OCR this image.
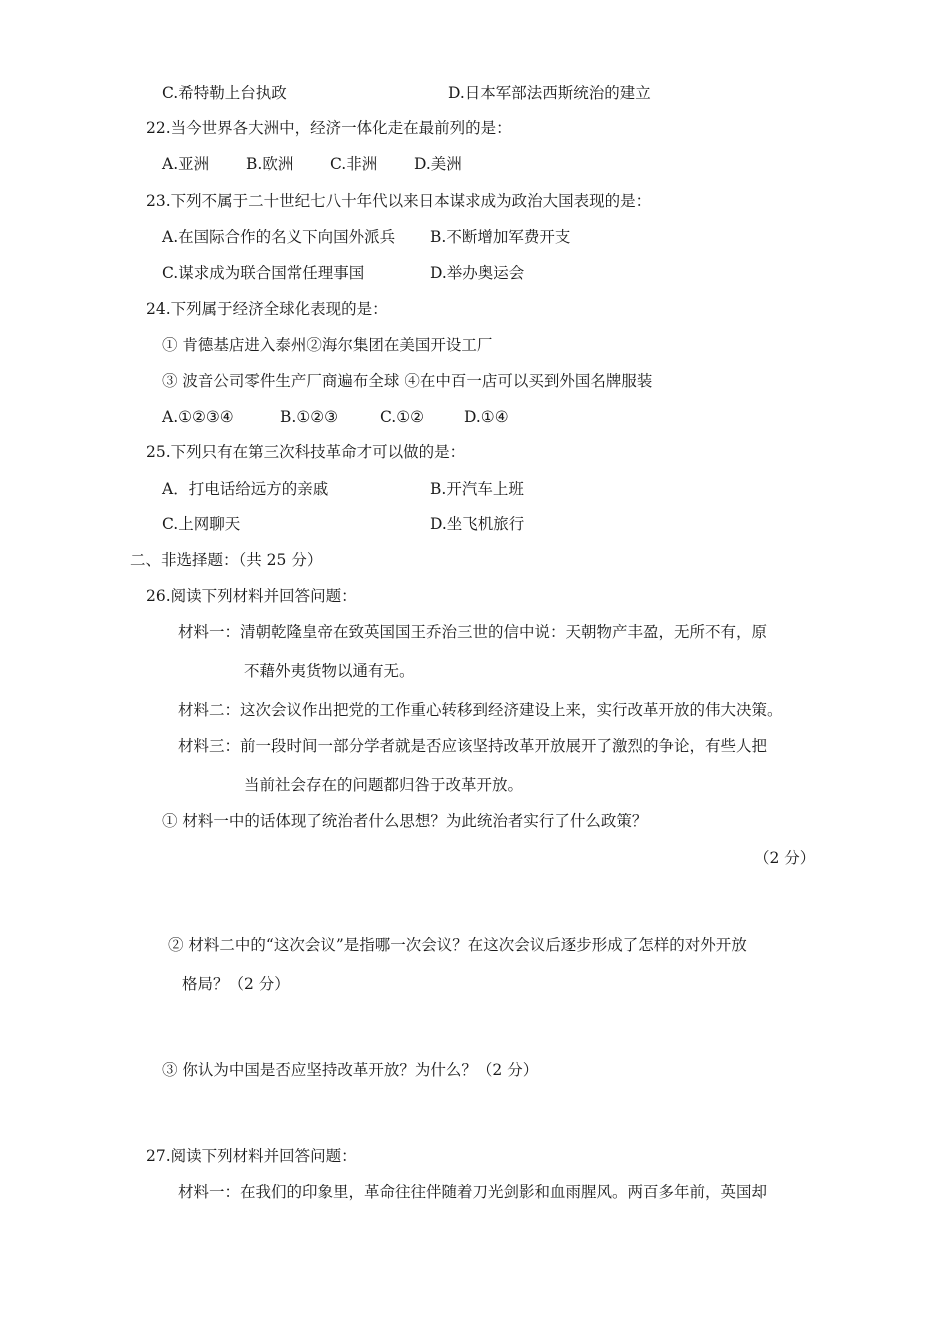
C.希特勒上台执政	D.日本军部法西斯统治的建立
22.当今世界各大洲中，经济一体化走在最前列的是：
A.亚洲 B.欧洲 C.非洲 D.美洲
23.下列不属于二十世纪七八十年代以来日本谋求成为政治大国表现的是：
A.在国际合作的名义下向国外派兵 B.不断增加军费开支
C.谋求成为联合国常任理事国	D.举办奥运会
24.下列属于经济全球化表现的是：
① 肯德基店进入泰州②海尔集团在美国开设工厂
③ 波音公司零件生产厂商遍布全球 ④在中百一店可以买到外国名牌服装
A.①②③④	B.①②③	C.①②	D.①④
25.下列只有在第三次科技革命才可以做的是：
A．打电话给远方的亲戚	B.开汽车上班
C.上网聊天	D.坐飞机旅行
二、非选择题：（共 25 分）
26.阅读下列材料并回答问题：
材料一：清朝乾隆皇帝在致英国国王乔治三世的信中说：天朝物产丰盈，无所不有，原
不藉外夷货物以通有无。
材料二：这次会议作出把党的工作重心转移到经济建设上来，实行改革开放的伟大决策。
材料三：前一段时间一部分学者就是否应该坚持改革开放展开了激烈的争论，有些人把
当前社会存在的问题都归咎于改革开放。
① 材料一中的话体现了统治者什么思想？为此统治者实行了什么政策？
（2 分）
② 材料二中的“这次会议”是指哪一次会议？在这次会议后逐步形成了怎样的对外开放
格局？（2 分）
③ 你认为中国是否应坚持改革开放？为什么？（2 分）
27.阅读下列材料并回答问题：
材料一：在我们的印象里，革命往往伴随着刀光剑影和血雨腥风。两百多年前，英国却
